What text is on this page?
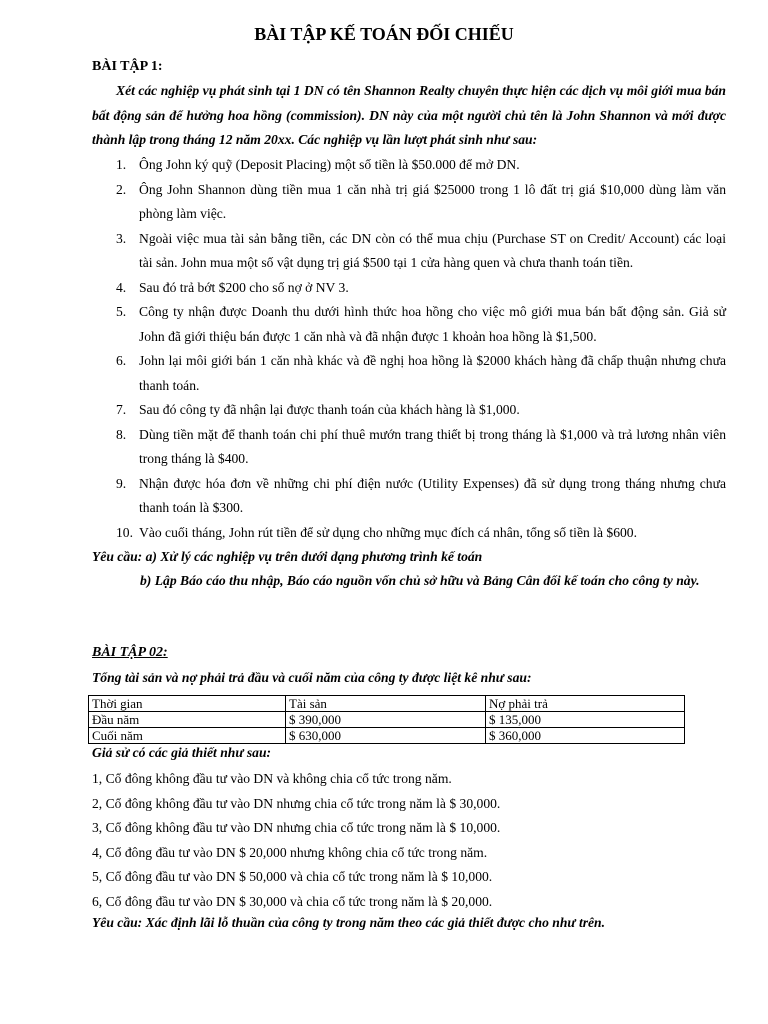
BÀI TẬP KẾ TOÁN ĐỐI CHIẾU
BÀI TẬP 1:
Xét các nghiệp vụ phát sinh tại 1 DN có tên Shannon Realty chuyên thực hiện các dịch vụ môi giới mua bán bất động sản để hưởng hoa hồng (commission). DN này của một người chủ tên là John Shannon và mới được thành lập trong tháng 12 năm 20xx. Các nghiệp vụ lần lượt phát sinh như sau:
1. Ông John ký quỹ (Deposit Placing) một số tiền là $50.000 để mở DN.
2. Ông John Shannon dùng tiền mua 1 căn nhà trị giá $25000 trong 1 lô đất trị giá $10,000 dùng làm văn phòng làm việc.
3. Ngoài việc mua tài sản bằng tiền, các DN còn có thể mua chịu (Purchase ST on Credit/ Account) các loại tài sản. John mua một số vật dụng trị giá $500 tại 1 cửa hàng quen và chưa thanh toán tiền.
4. Sau đó trả bớt $200 cho số nợ ở NV 3.
5. Công ty nhận được Doanh thu dưới hình thức hoa hồng cho việc mô giới mua bán bất động sản. Giả sử John đã giới thiệu bán được 1 căn nhà và đã nhận được 1 khoản hoa hồng là $1,500.
6. John lại môi giới bán 1 căn nhà khác và đề nghị hoa hồng là $2000 khách hàng đã chấp thuận nhưng chưa thanh toán.
7. Sau đó công ty đã nhận lại được thanh toán của khách hàng là $1,000.
8. Dùng tiền mặt để thanh toán chi phí thuê mướn trang thiết bị trong tháng là $1,000 và trả lương nhân viên trong tháng là $400.
9. Nhận được hóa đơn về những chi phí điện nước (Utility Expenses) đã sử dụng trong tháng nhưng chưa thanh toán là $300.
10. Vào cuối tháng, John rút tiền để sử dụng cho những mục đích cá nhân, tổng số tiền là $600.
Yêu cầu: a) Xử lý các nghiệp vụ trên dưới dạng phương trình kế toán
b) Lập Báo cáo thu nhập, Báo cáo nguồn vốn chủ sở hữu và Bảng Cân đối kế toán cho công ty này.
BÀI TẬP 02:
Tổng tài sản và nợ phải trả đầu và cuối năm của công ty được liệt kê như sau:
Thời gian	Tài sản	Nợ phải trả
Đầu năm	$ 390,000	$ 135,000
Cuối năm	$ 630,000	$ 360,000
Giả sử có các giả thiết như sau:
1, Cổ đông không đầu tư vào DN và không chia cổ tức trong năm.
2, Cổ đông không đầu tư vào DN nhưng chia cổ tức trong năm là $ 30,000.
3, Cổ đông không đầu tư vào DN nhưng chia cổ tức trong năm là $ 10,000.
4, Cổ đông đầu tư vào DN $ 20,000 nhưng không chia cổ tức trong năm.
5, Cổ đông đầu tư vào DN $ 50,000 và chia cổ tức trong năm là $ 10,000.
6, Cổ đông đầu tư vào DN $ 30,000 và chia cổ tức trong năm là $ 20,000.
Yêu cầu: Xác định lãi lỗ thuần của công ty trong năm theo các giả thiết được cho như trên.
